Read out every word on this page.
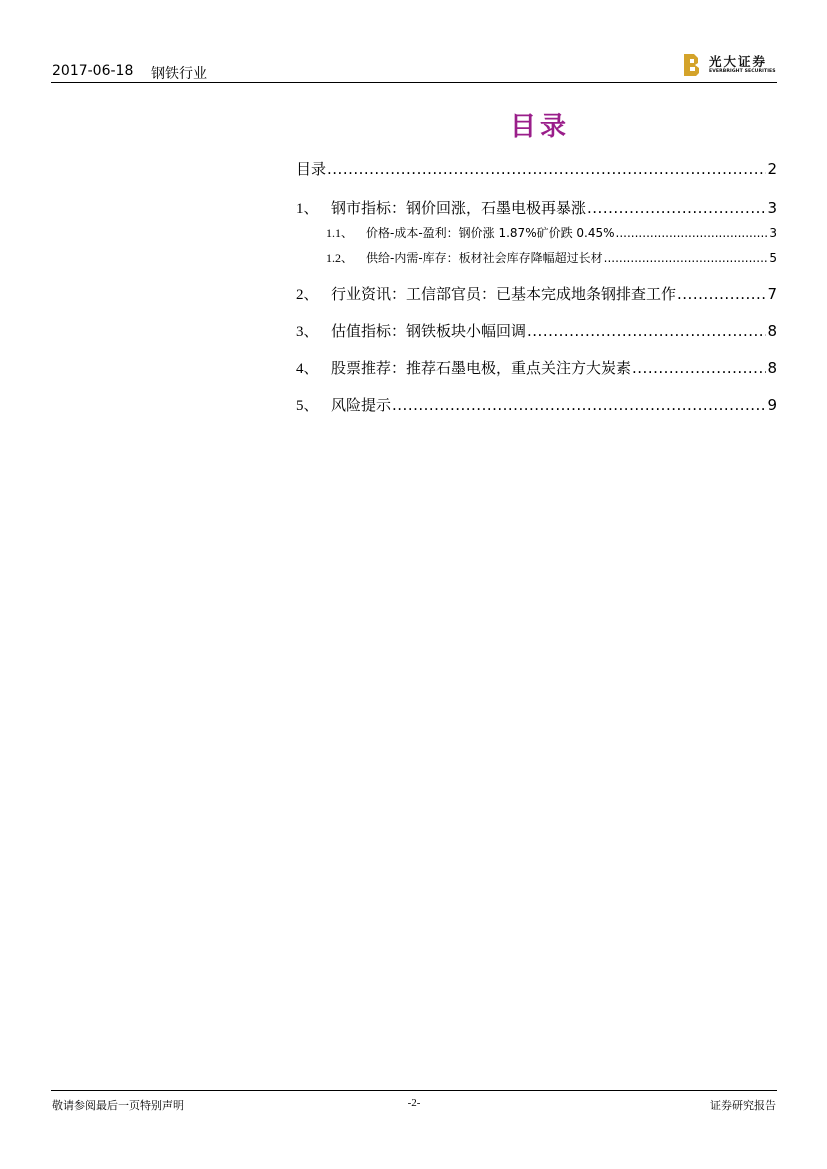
2017-06-18 钢铁行业
光大证券
EVERBRIGHT SECURITIES
目录
目录 .....	2
1、 钢市指标：钢价回涨，石墨电极再暴涨 .....	3
1.1、	价格-成本-盈利：钢价涨 1.87%矿价跌 0.45% .....	3
1.2、	供给-内需-库存：板材社会库存降幅超过长材 .....	5
2、 行业资讯：工信部官员：已基本完成地条钢排查工作 .....	7
3、 估值指标：钢铁板块小幅回调 .....	8
4、 股票推荐：推荐石墨电极，重点关注方大炭素 .....	8
5、 风险提示 .....	9
敬请参阅最后一页特别声明	-2-	证券研究报告
